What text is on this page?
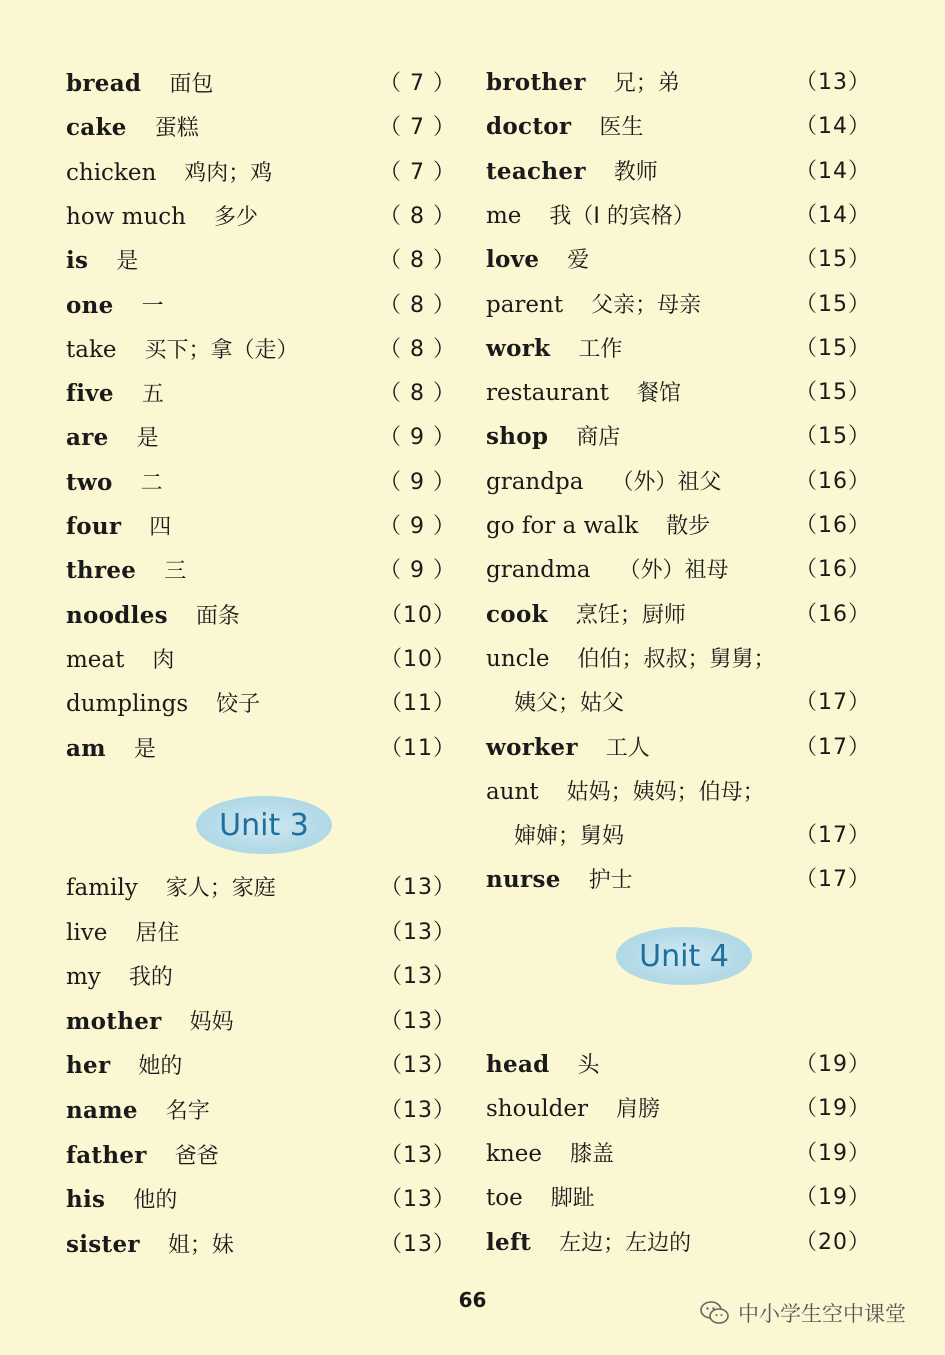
bread 面包	（ 7 ）
cake 蛋糕	（ 7 ）
chicken 鸡肉；鸡	（ 7 ）
how much 多少	（ 8 ）
is 是	（ 8 ）
one 一	（ 8 ）
take 买下；拿（走）	（ 8 ）
five 五	（ 8 ）
are 是	（ 9 ）
two 二	（ 9 ）
four 四	（ 9 ）
three 三	（ 9 ）
noodles 面条	（10）
meat 肉	（10）
dumplings 饺子	（11）
am 是	（11）
family 家人；家庭	（13）
live 居住	（13）
my 我的	（13）
mother 妈妈	（13）
her 她的	（13）
name 名字	（13）
father 爸爸	（13）
his 他的	（13）
sister 姐；妹	（13）
brother 兄；弟	（13）
doctor 医生	（14）
teacher 教师	（14）
me 我（I 的宾格）	（14）
love 爱	（15）
parent 父亲；母亲	（15）
work 工作	（15）
restaurant 餐馆	（15）
shop 商店	（15）
grandpa （外）祖父	（16）
go for a walk 散步	（16）
grandma （外）祖母	（16）
cook 烹饪；厨师	（16）
uncle 伯伯；叔叔；舅舅；
姨父；姑父	（17）
worker 工人	（17）
aunt 姑妈；姨妈；伯母；
婶婶；舅妈	（17）
nurse 护士	（17）
head 头	（19）
shoulder 肩膀	（19）
knee 膝盖	（19）
toe 脚趾	（19）
left 左边；左边的	（20）
Unit 3
Unit 4
66
中小学生空中课堂
